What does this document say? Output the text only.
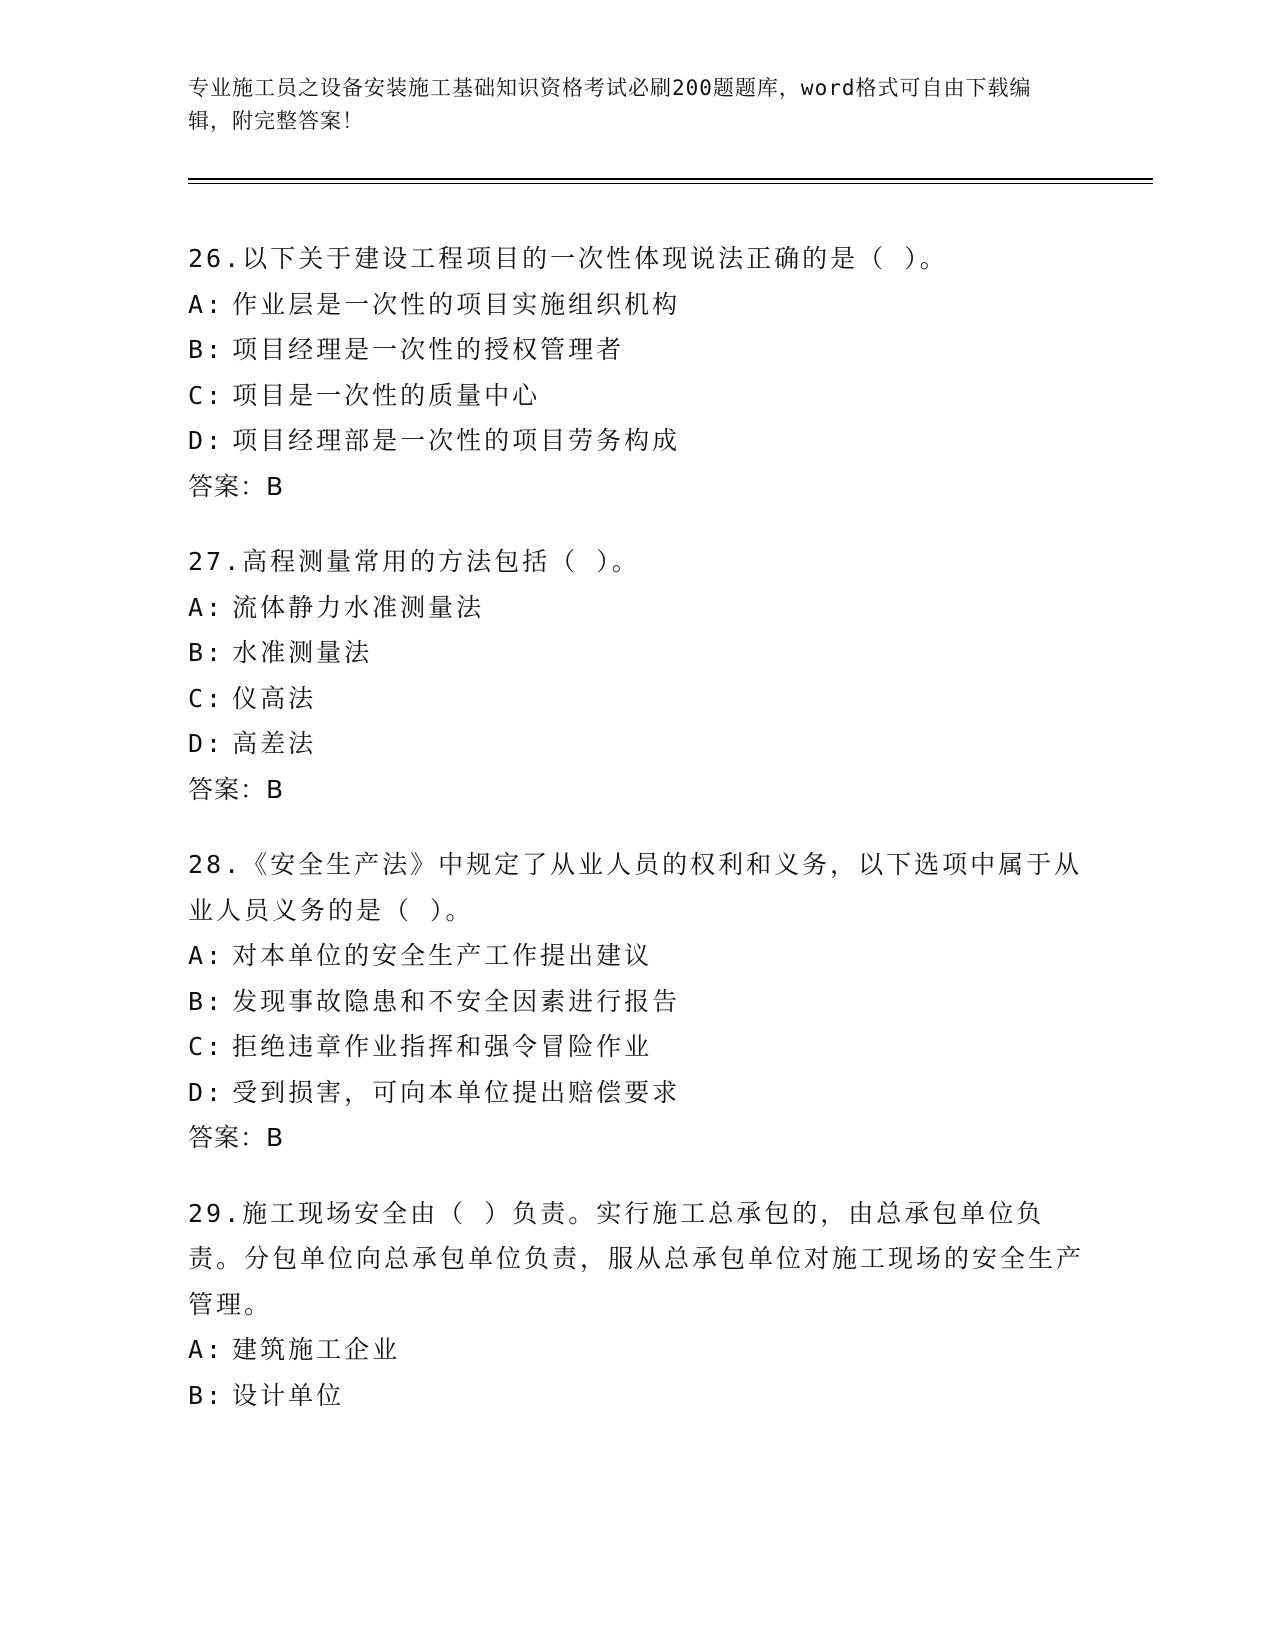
专业施工员之设备安装施工基础知识资格考试必刷200题题库，word格式可自由下载编辑，附完整答案！
26.以下关于建设工程项目的一次性体现说法正确的是（ ）。
A: 作业层是一次性的项目实施组织机构
B: 项目经理是一次性的授权管理者
C: 项目是一次性的质量中心
D: 项目经理部是一次性的项目劳务构成
答案：B
27.高程测量常用的方法包括（ ）。
A: 流体静力水准测量法
B: 水准测量法
C: 仪高法
D: 高差法
答案：B
28.《安全生产法》中规定了从业人员的权利和义务，以下选项中属于从业人员义务的是（ ）。
A: 对本单位的安全生产工作提出建议
B: 发现事故隐患和不安全因素进行报告
C: 拒绝违章作业指挥和强令冒险作业
D: 受到损害，可向本单位提出赔偿要求
答案：B
29.施工现场安全由（ ）负责。实行施工总承包的，由总承包单位负责。分包单位向总承包单位负责，服从总承包单位对施工现场的安全生产管理。
A: 建筑施工企业
B: 设计单位
